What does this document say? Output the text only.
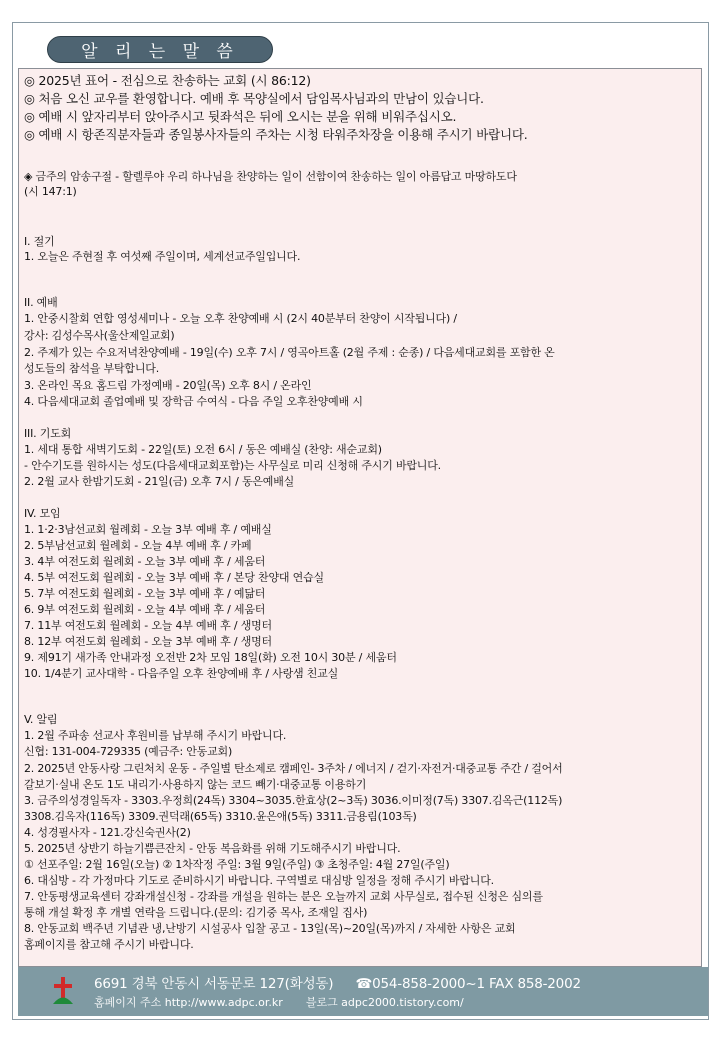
알 리 는 말 씀
◎ 2025년 표어 - 전심으로 찬송하는 교회 (시 86:12)
◎ 처음 오신 교우를 환영합니다. 예배 후 목양실에서 담임목사님과의 만남이 있습니다.
◎ 예배 시 앞자리부터 앉아주시고 뒷좌석은 뒤에 오시는 분을 위해 비워주십시오.
◎ 예배 시 항존직분자들과 종일봉사자들의 주차는 시청 타워주차장을 이용해 주시기 바랍니다.
◈ 금주의 암송구절 - 할렐루야 우리 하나님을 찬양하는 일이 선함이여 찬송하는 일이 아름답고 마땅하도다
(시 147:1)
I. 절기
1. 오늘은 주현절 후 여섯째 주일이며, 세계선교주일입니다.
II. 예배
1. 안중시찰회 연합 영성세미나 - 오늘 오후 찬양예배 시 (2시 40분부터 찬양이 시작됩니다) /
강사: 김성수목사(울산제일교회)
2. 주제가 있는 수요저녁찬양예배 - 19일(수) 오후 7시 / 영곡아트홀 (2월 주제 : 순종) / 다음세대교회를 포함한 온
성도들의 참석을 부탁합니다.
3. 온라인 목요 홈드림 가정예배 - 20일(목) 오후 8시 / 온라인
4. 다음세대교회 졸업예배 및 장학금 수여식 - 다음 주일 오후찬양예배 시
III. 기도회
1. 세대 통합 새벽기도회 - 22일(토) 오전 6시 / 동은 예배실 (찬양: 새순교회)
- 안수기도를 원하시는 성도(다음세대교회포함)는 사무실로 미리 신청해 주시기 바랍니다.
2. 2월 교사 한밤기도회 - 21일(금) 오후 7시 / 동은예배실
IV. 모임
1. 1·2·3남선교회 월례회 - 오늘 3부 예배 후 / 예배실
2. 5부남선교회 월례회 - 오늘 4부 예배 후 / 카페
3. 4부 여전도회 월례회 - 오늘 3부 예배 후 / 세움터
4. 5부 여전도회 월례회 - 오늘 3부 예배 후 / 본당 찬양대 연습실
5. 7부 여전도회 월례회 - 오늘 3부 예배 후 / 예닮터
6. 9부 여전도회 월례회 - 오늘 4부 예배 후 / 세움터
7. 11부 여전도회 월례회 - 오늘 4부 예배 후 / 생명터
8. 12부 여전도회 월례회 - 오늘 3부 예배 후 / 생명터
9. 제91기 새가족 안내과정 오전반 2차 모임 18일(화) 오전 10시 30분 / 세움터
10. 1/4분기 교사대학 - 다음주일 오후 찬양예배 후 / 사랑샘 친교실
V. 알림
1. 2월 주파송 선교사 후원비를 납부해 주시기 바랍니다.
신협: 131-004-729335 (예금주: 안동교회)
2. 2025년 안동사랑 그린처치 운동 - 주일별 탄소제로 캠페인- 3주차 / 에너지 / 걷기·자전거·대중교통 주간 / 걸어서
갈보기·실내 온도 1도 내리기·사용하지 않는 코드 빼기·대중교통 이용하기
3. 금주의성경일독자 - 3303.우정희(24독) 3304~3035.한효상(2~3독) 3036.이미정(7독) 3307.김옥근(112독)
3308.김옥자(116독) 3309.권덕래(65독) 3310.윤은애(5독) 3311.금용림(103독)
4. 성경필사자 - 121.강신숙권사(2)
5. 2025년 상반기 하늘기쁨큰잔치 - 안동 복음화를 위해 기도해주시기 바랍니다.
① 선포주일: 2월 16일(오늘) ② 1차작정 주일: 3월 9일(주일) ③ 초청주일: 4월 27일(주일)
6. 대심방 - 각 가정마다 기도로 준비하시기 바랍니다. 구역별로 대심방 일정을 정해 주시기 바랍니다.
7. 안동평생교육센터 강좌개설신청 - 강좌를 개설을 원하는 분은 오늘까지 교회 사무실로, 접수된 신청은 심의를
통해 개설 확정 후 개별 연락을 드립니다.(문의: 김기중 목사, 조재일 집사)
8. 안동교회 백주년 기념관 냉,난방기 시설공사 입찰 공고 - 13일(목)~20일(목)까지 / 자세한 사항은 교회
홈페이지를 참고해 주시기 바랍니다.
6691 경북 안동시 서동문로 127(화성동) ☎054-858-2000~1 FAX 858-2002
홈페이지 주소 http://www.adpc.or.kr 블로그 adpc2000.tistory.com/
